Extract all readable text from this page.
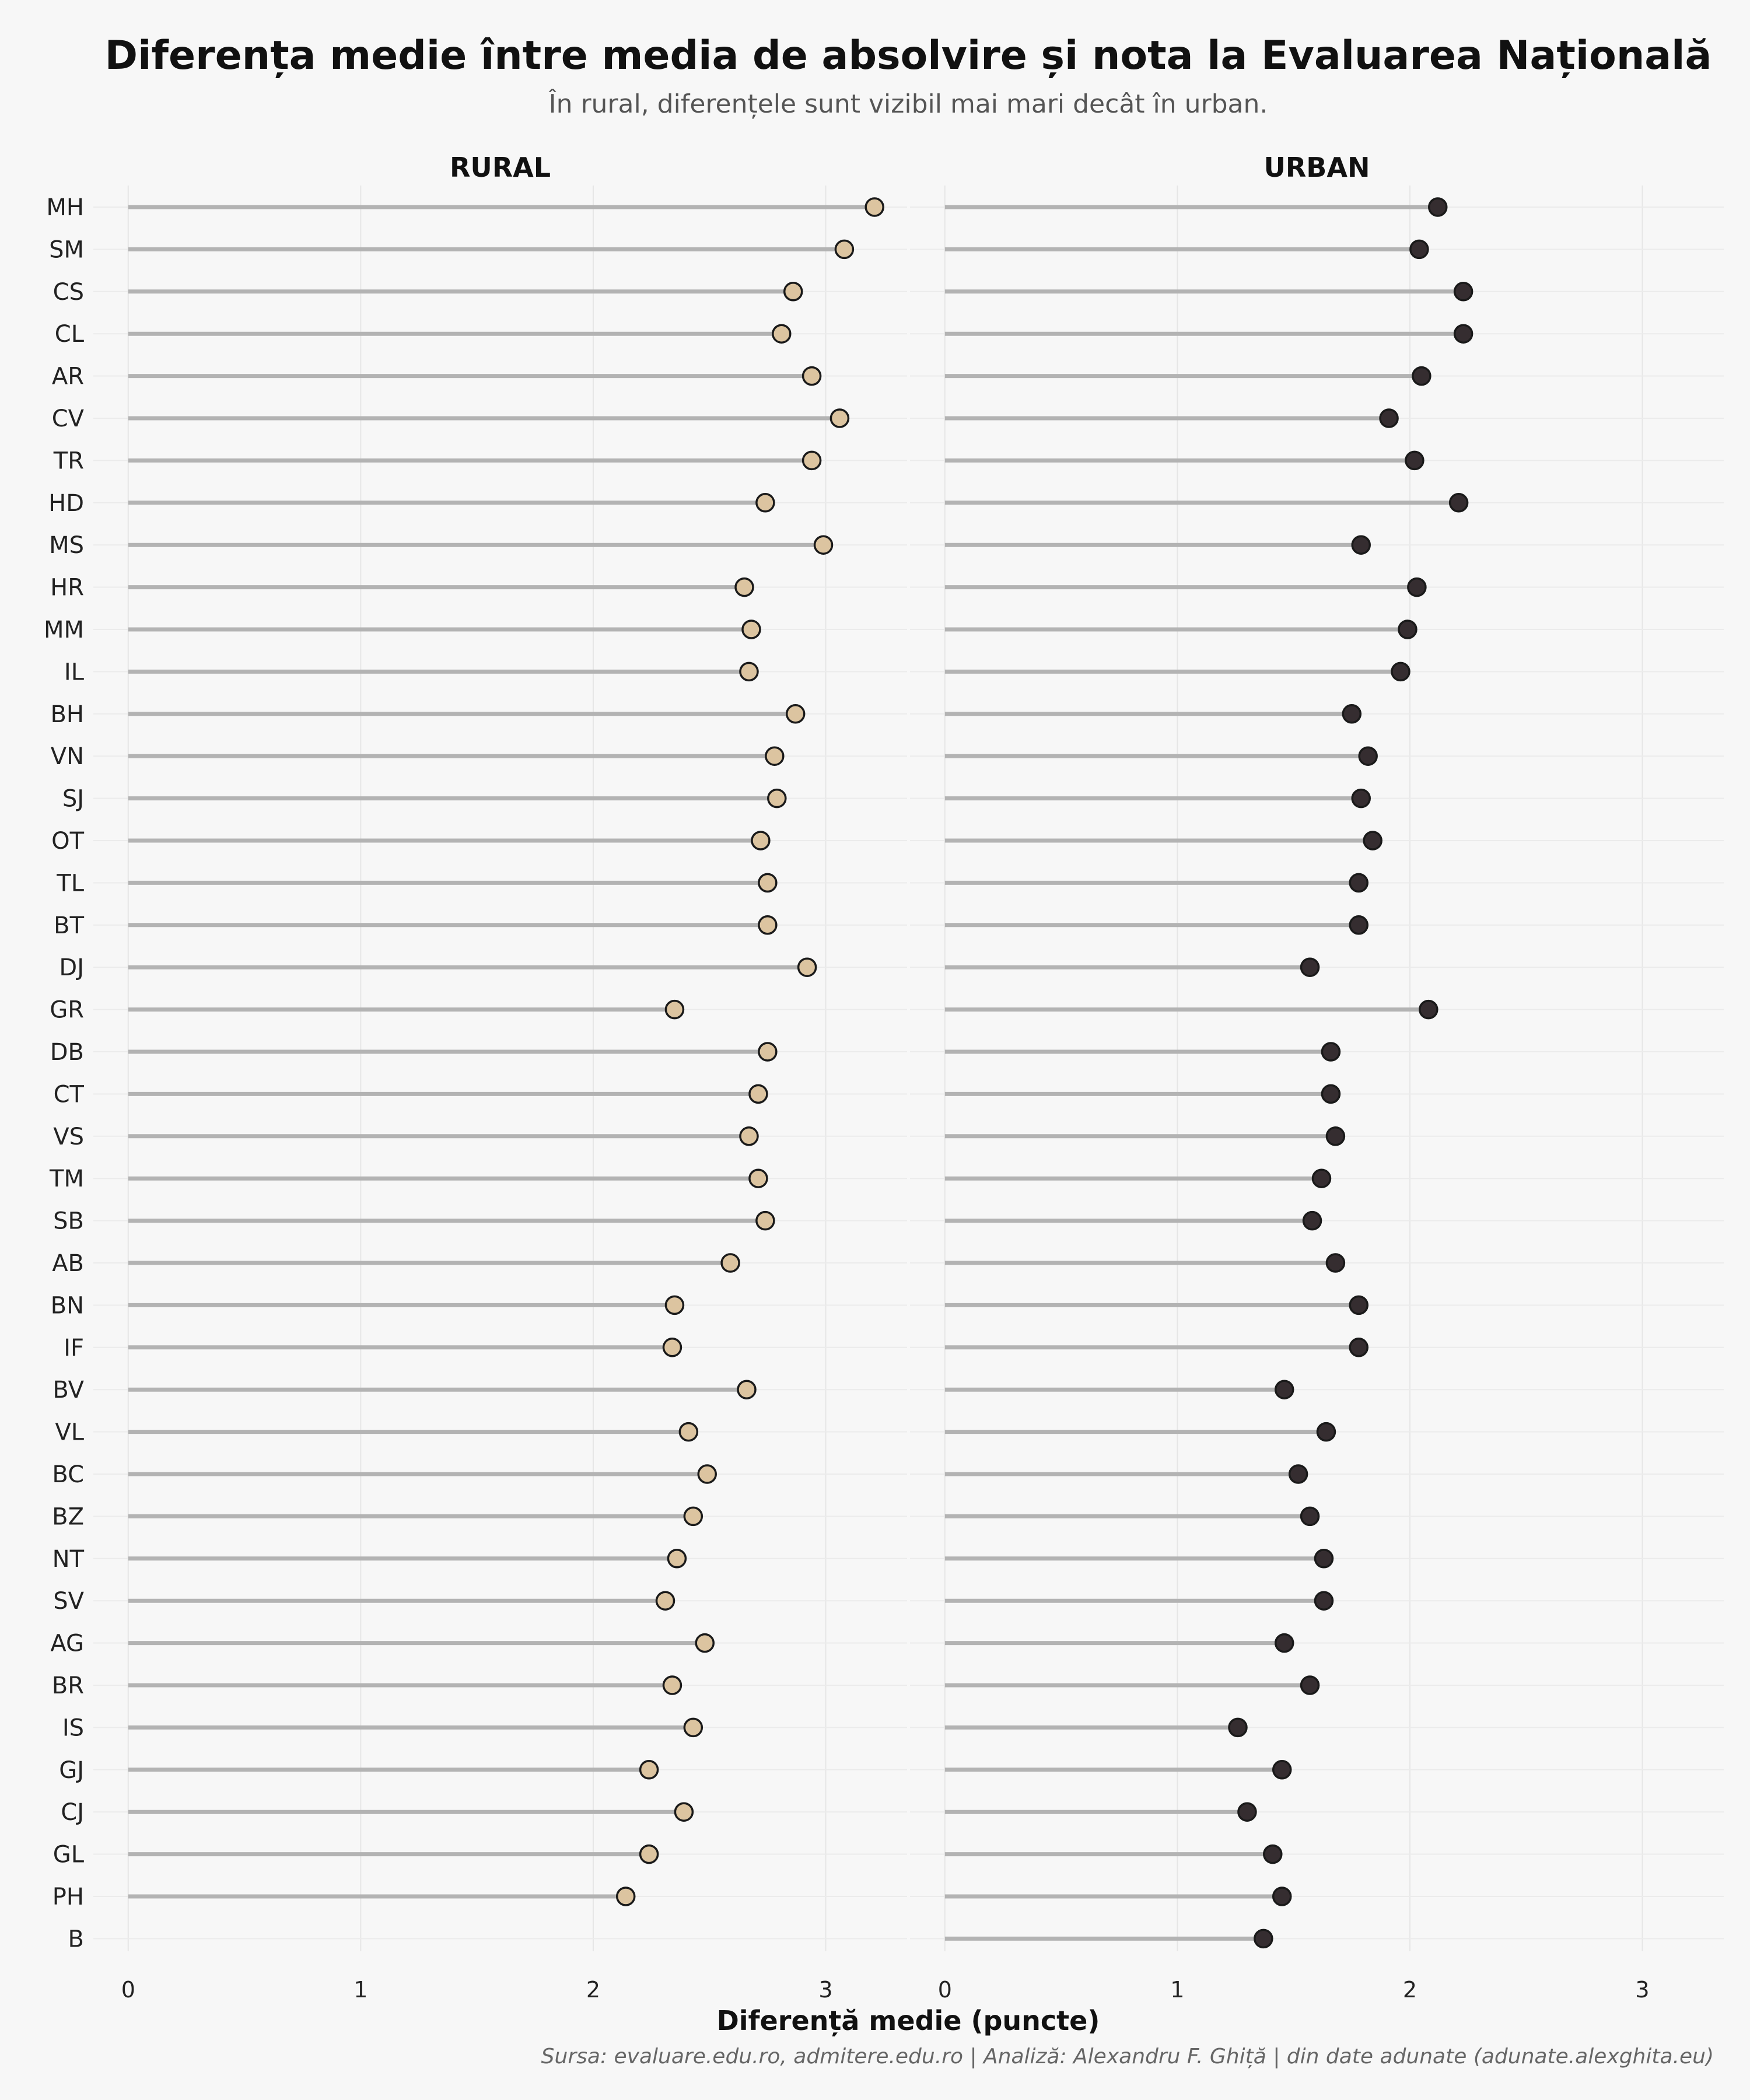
Diferența medie între media de absolvire și nota la Evaluarea Națională
În rural, diferențele sunt vizibil mai mari decât în urban.
MH
SM
CS
CL
AR
CV
TR
HD
MS
HR
MM
IL
BH
VN
SJ
OT
TL
BT
DJ
GR
DB
CT
VS
TM
SB
AB
BN
IF
BV
VL
BC
BZ
NT
SV
AG
BR
IS
GJ
CJ
GL
PH
B
RURAL
0	1	2	3
URBAN
0	1	2	3
Diferență medie (puncte)
Sursa: evaluare.edu.ro, admitere.edu.ro | Analiză: Alexandru F. Ghiță | din date adunate (adunate.alexghita.eu)
